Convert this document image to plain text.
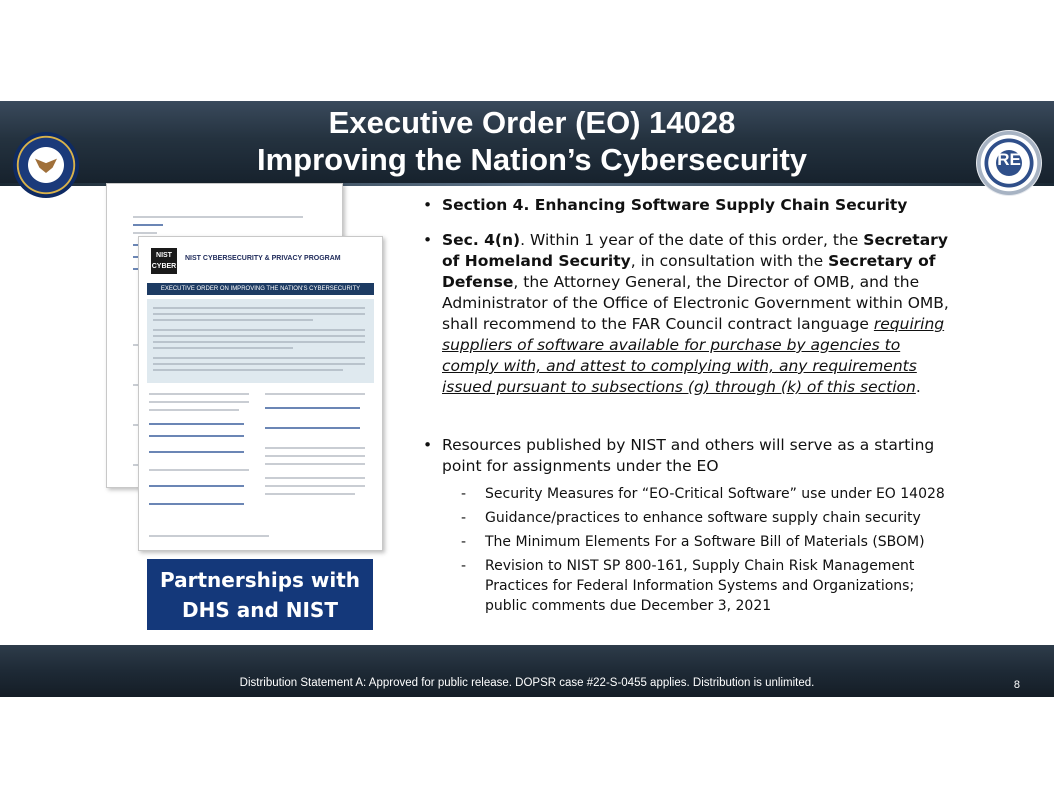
Executive Order (EO) 14028
Improving the Nation’s Cybersecurity	RE
NIST
CYBER
NIST CYBERSECURITY & PRIVACY PROGRAM
EXECUTIVE ORDER ON IMPROVING THE NATION'S CYBERSECURITY
Partnerships with
DHS and NIST

• Section 4. Enhancing Software Supply Chain Security

• Sec. 4(n). Within 1 year of the date of this order, the Secretary of Homeland Security, in consultation with the Secretary of Defense, the Attorney General, the Director of OMB, and the Administrator of the Office of Electronic Government within OMB, shall recommend to the FAR Council contract language requiring suppliers of software available for purchase by agencies to comply with, and attest to complying with, any requirements issued pursuant to subsections (g) through (k) of this section.

• Resources published by NIST and others will serve as a starting point for assignments under the EO

- Security Measures for “EO-Critical Software” use under EO 14028

- Guidance/practices to enhance software supply chain security

- The Minimum Elements For a Software Bill of Materials (SBOM)

- Revision to NIST SP 800-161, Supply Chain Risk Management Practices for Federal Information Systems and Organizations; public comments due December 3, 2021

Distribution Statement A: Approved for public release. DOPSR case #22-S-0455 applies. Distribution is unlimited.	8
